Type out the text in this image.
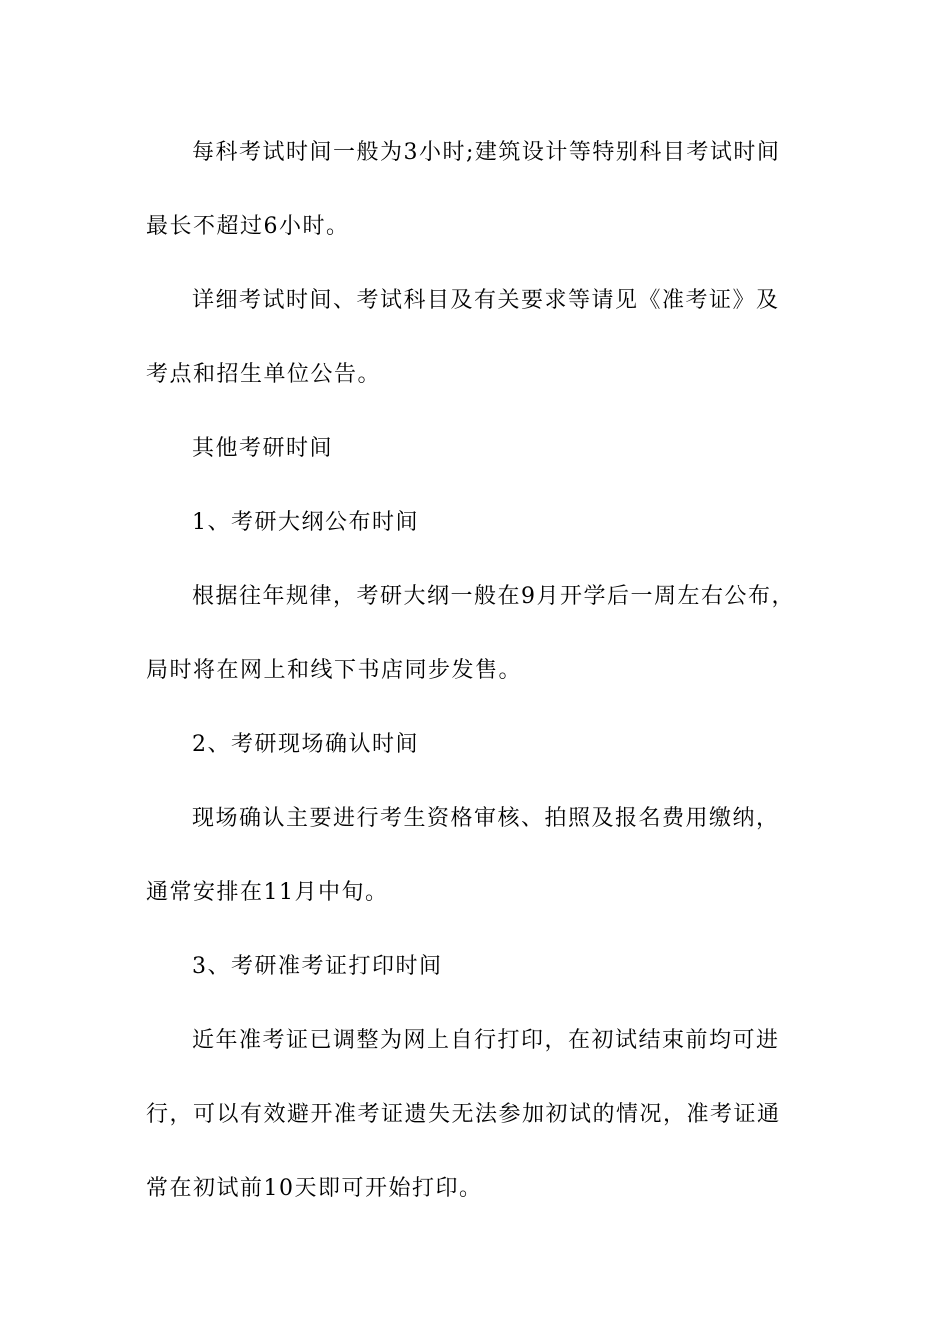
每科考试时间一般为3小时;建筑设计等特别科目考试时间
最长不超过6小时。
详细考试时间、考试科目及有关要求等请见《准考证》及
考点和招生单位公告。
其他考研时间
1、考研大纲公布时间
根据往年规律，考研大纲一般在9月开学后一周左右公布，
局时将在网上和线下书店同步发售。
2、考研现场确认时间
现场确认主要进行考生资格审核、拍照及报名费用缴纳，
通常安排在11月中旬。
3、考研准考证打印时间
近年准考证已调整为网上自行打印，在初试结束前均可进
行，可以有效避开准考证遗失无法参加初试的情况，准考证通
常在初试前10天即可开始打印。
